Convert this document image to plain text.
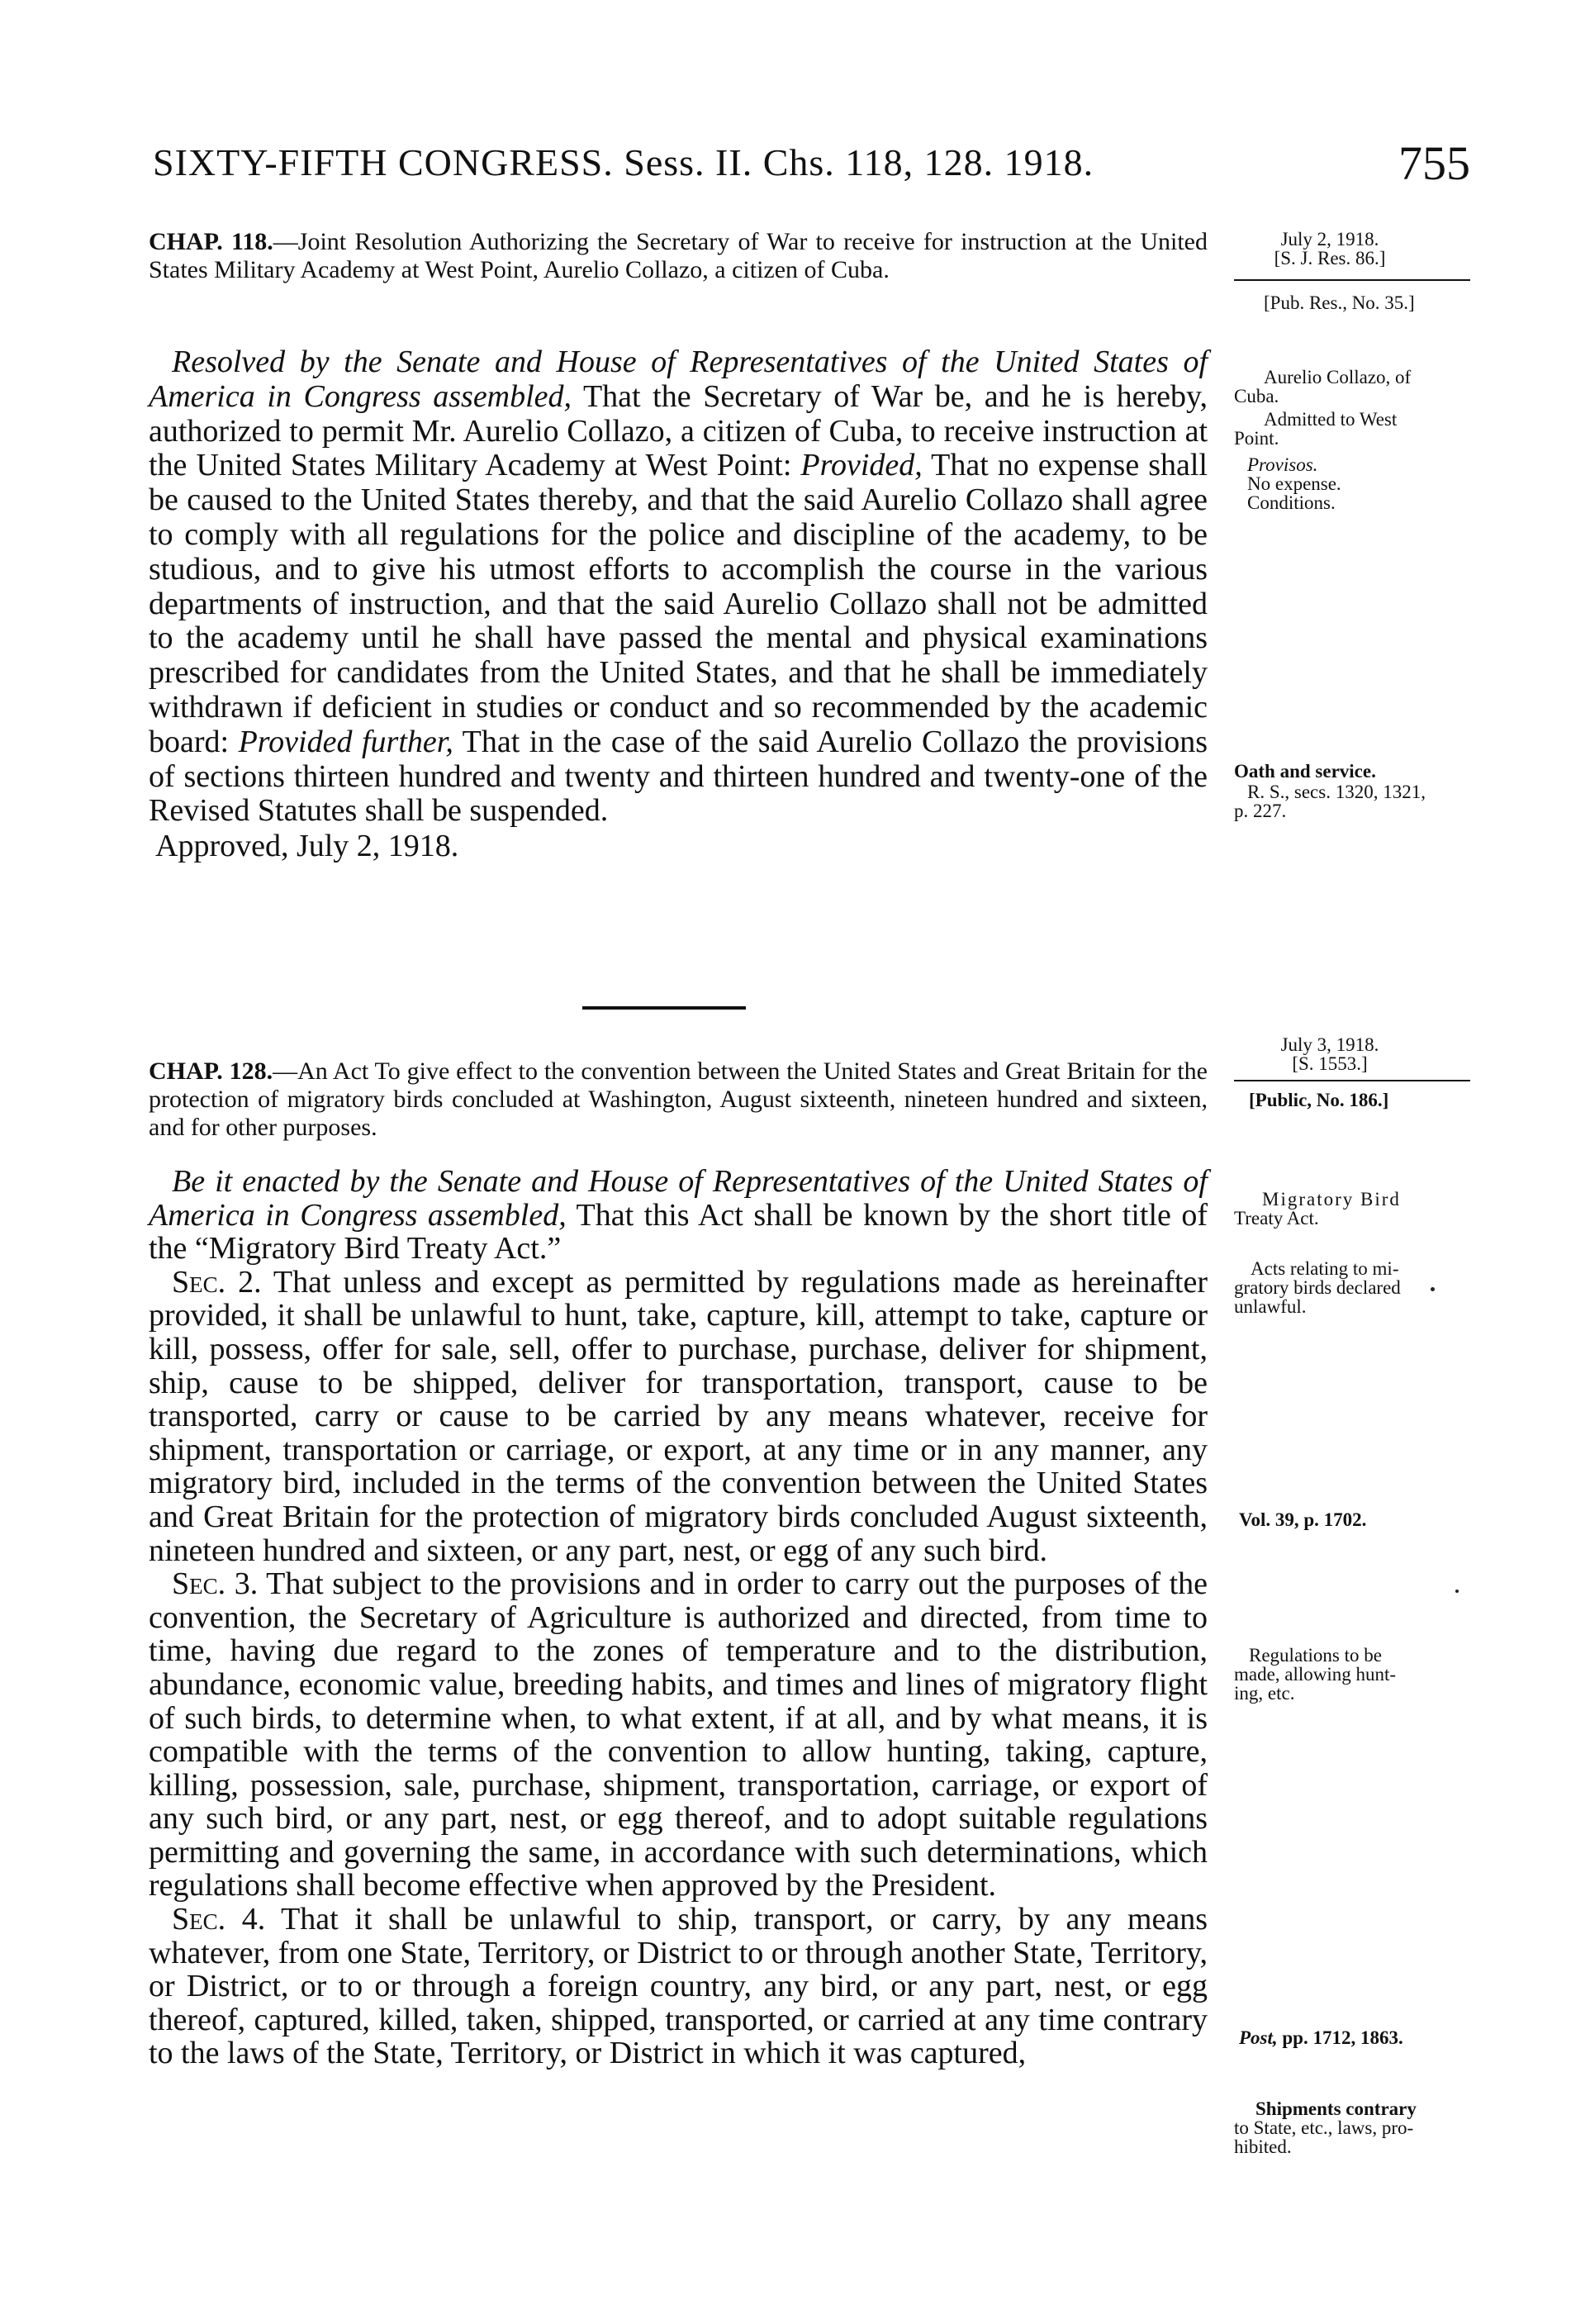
SIXTY-FIFTH CONGRESS. Sess. II. Chs. 118, 128. 1918.	755
CHAP. 118.—Joint Resolution Authorizing the Secretary of War to receive for instruction at the United States Military Academy at West Point, Aurelio Collazo, a citizen of Cuba.

Resolved by the Senate and House of Representatives of the United States of America in Congress assembled, That the Secretary of War be, and he is hereby, authorized to permit Mr. Aurelio Collazo, a citizen of Cuba, to receive instruction at the United States Military Academy at West Point: Provided, That no expense shall be caused to the United States thereby, and that the said Aurelio Collazo shall agree to comply with all regulations for the police and discipline of the academy, to be studious, and to give his utmost efforts to accomplish the course in the various departments of instruction, and that the said Aurelio Collazo shall not be admitted to the academy until he shall have passed the mental and physical examinations prescribed for candidates from the United States, and that he shall be immediately withdrawn if deficient in studies or conduct and so recommended by the academic board: Provided further, That in the case of the said Aurelio Collazo the provisions of sections thirteen hundred and twenty and thirteen hundred and twenty-one of the Revised Statutes shall be suspended.

Approved, July 2, 1918.

CHAP. 128.—An Act To give effect to the convention between the United States and Great Britain for the protection of migratory birds concluded at Washington, August sixteenth, nineteen hundred and sixteen, and for other purposes.

Be it enacted by the Senate and House of Representatives of the United States of America in Congress assembled, That this Act shall be known by the short title of the “Migratory Bird Treaty Act.”

Sec. 2. That unless and except as permitted by regulations made as hereinafter provided, it shall be unlawful to hunt, take, capture, kill, attempt to take, capture or kill, possess, offer for sale, sell, offer to purchase, purchase, deliver for shipment, ship, cause to be shipped, deliver for transportation, transport, cause to be transported, carry or cause to be carried by any means whatever, receive for shipment, transportation or carriage, or export, at any time or in any manner, any migratory bird, included in the terms of the convention between the United States and Great Britain for the protection of migratory birds concluded August sixteenth, nineteen hundred and sixteen, or any part, nest, or egg of any such bird.

Sec. 3. That subject to the provisions and in order to carry out the purposes of the convention, the Secretary of Agriculture is authorized and directed, from time to time, having due regard to the zones of temperature and to the distribution, abundance, economic value, breeding habits, and times and lines of migratory flight of such birds, to determine when, to what extent, if at all, and by what means, it is compatible with the terms of the convention to allow hunting, taking, capture, killing, possession, sale, purchase, shipment, transportation, carriage, or export of any such bird, or any part, nest, or egg thereof, and to adopt suitable regulations permitting and governing the same, in accordance with such determinations, which regulations shall become effective when approved by the President.

Sec. 4. That it shall be unlawful to ship, transport, or carry, by any means whatever, from one State, Territory, or District to or through another State, Territory, or District, or to or through a foreign country, any bird, or any part, nest, or egg thereof, captured, killed, taken, shipped, transported, or carried at any time contrary to the laws of the State, Territory, or District in which it was captured,

July 2, 1918.
[S. J. Res. 86.]
[Pub. Res., No. 35.]
Aurelio Collazo, of
Cuba.
Admitted to West
Point.
Provisos.
No expense.
Conditions.
Oath and service.
R. S., secs. 1320, 1321,
p. 227.
July 3, 1918.
[S. 1553.]
[Public, No. 186.]
Migratory Bird
Treaty Act.
Acts relating to mi-
gratory birds declared
unlawful.
Vol. 39, p. 1702.
Regulations to be
made, allowing hunt-
ing, etc.
Post, pp. 1712, 1863.
Shipments contrary
to State, etc., laws, pro-
hibited.
